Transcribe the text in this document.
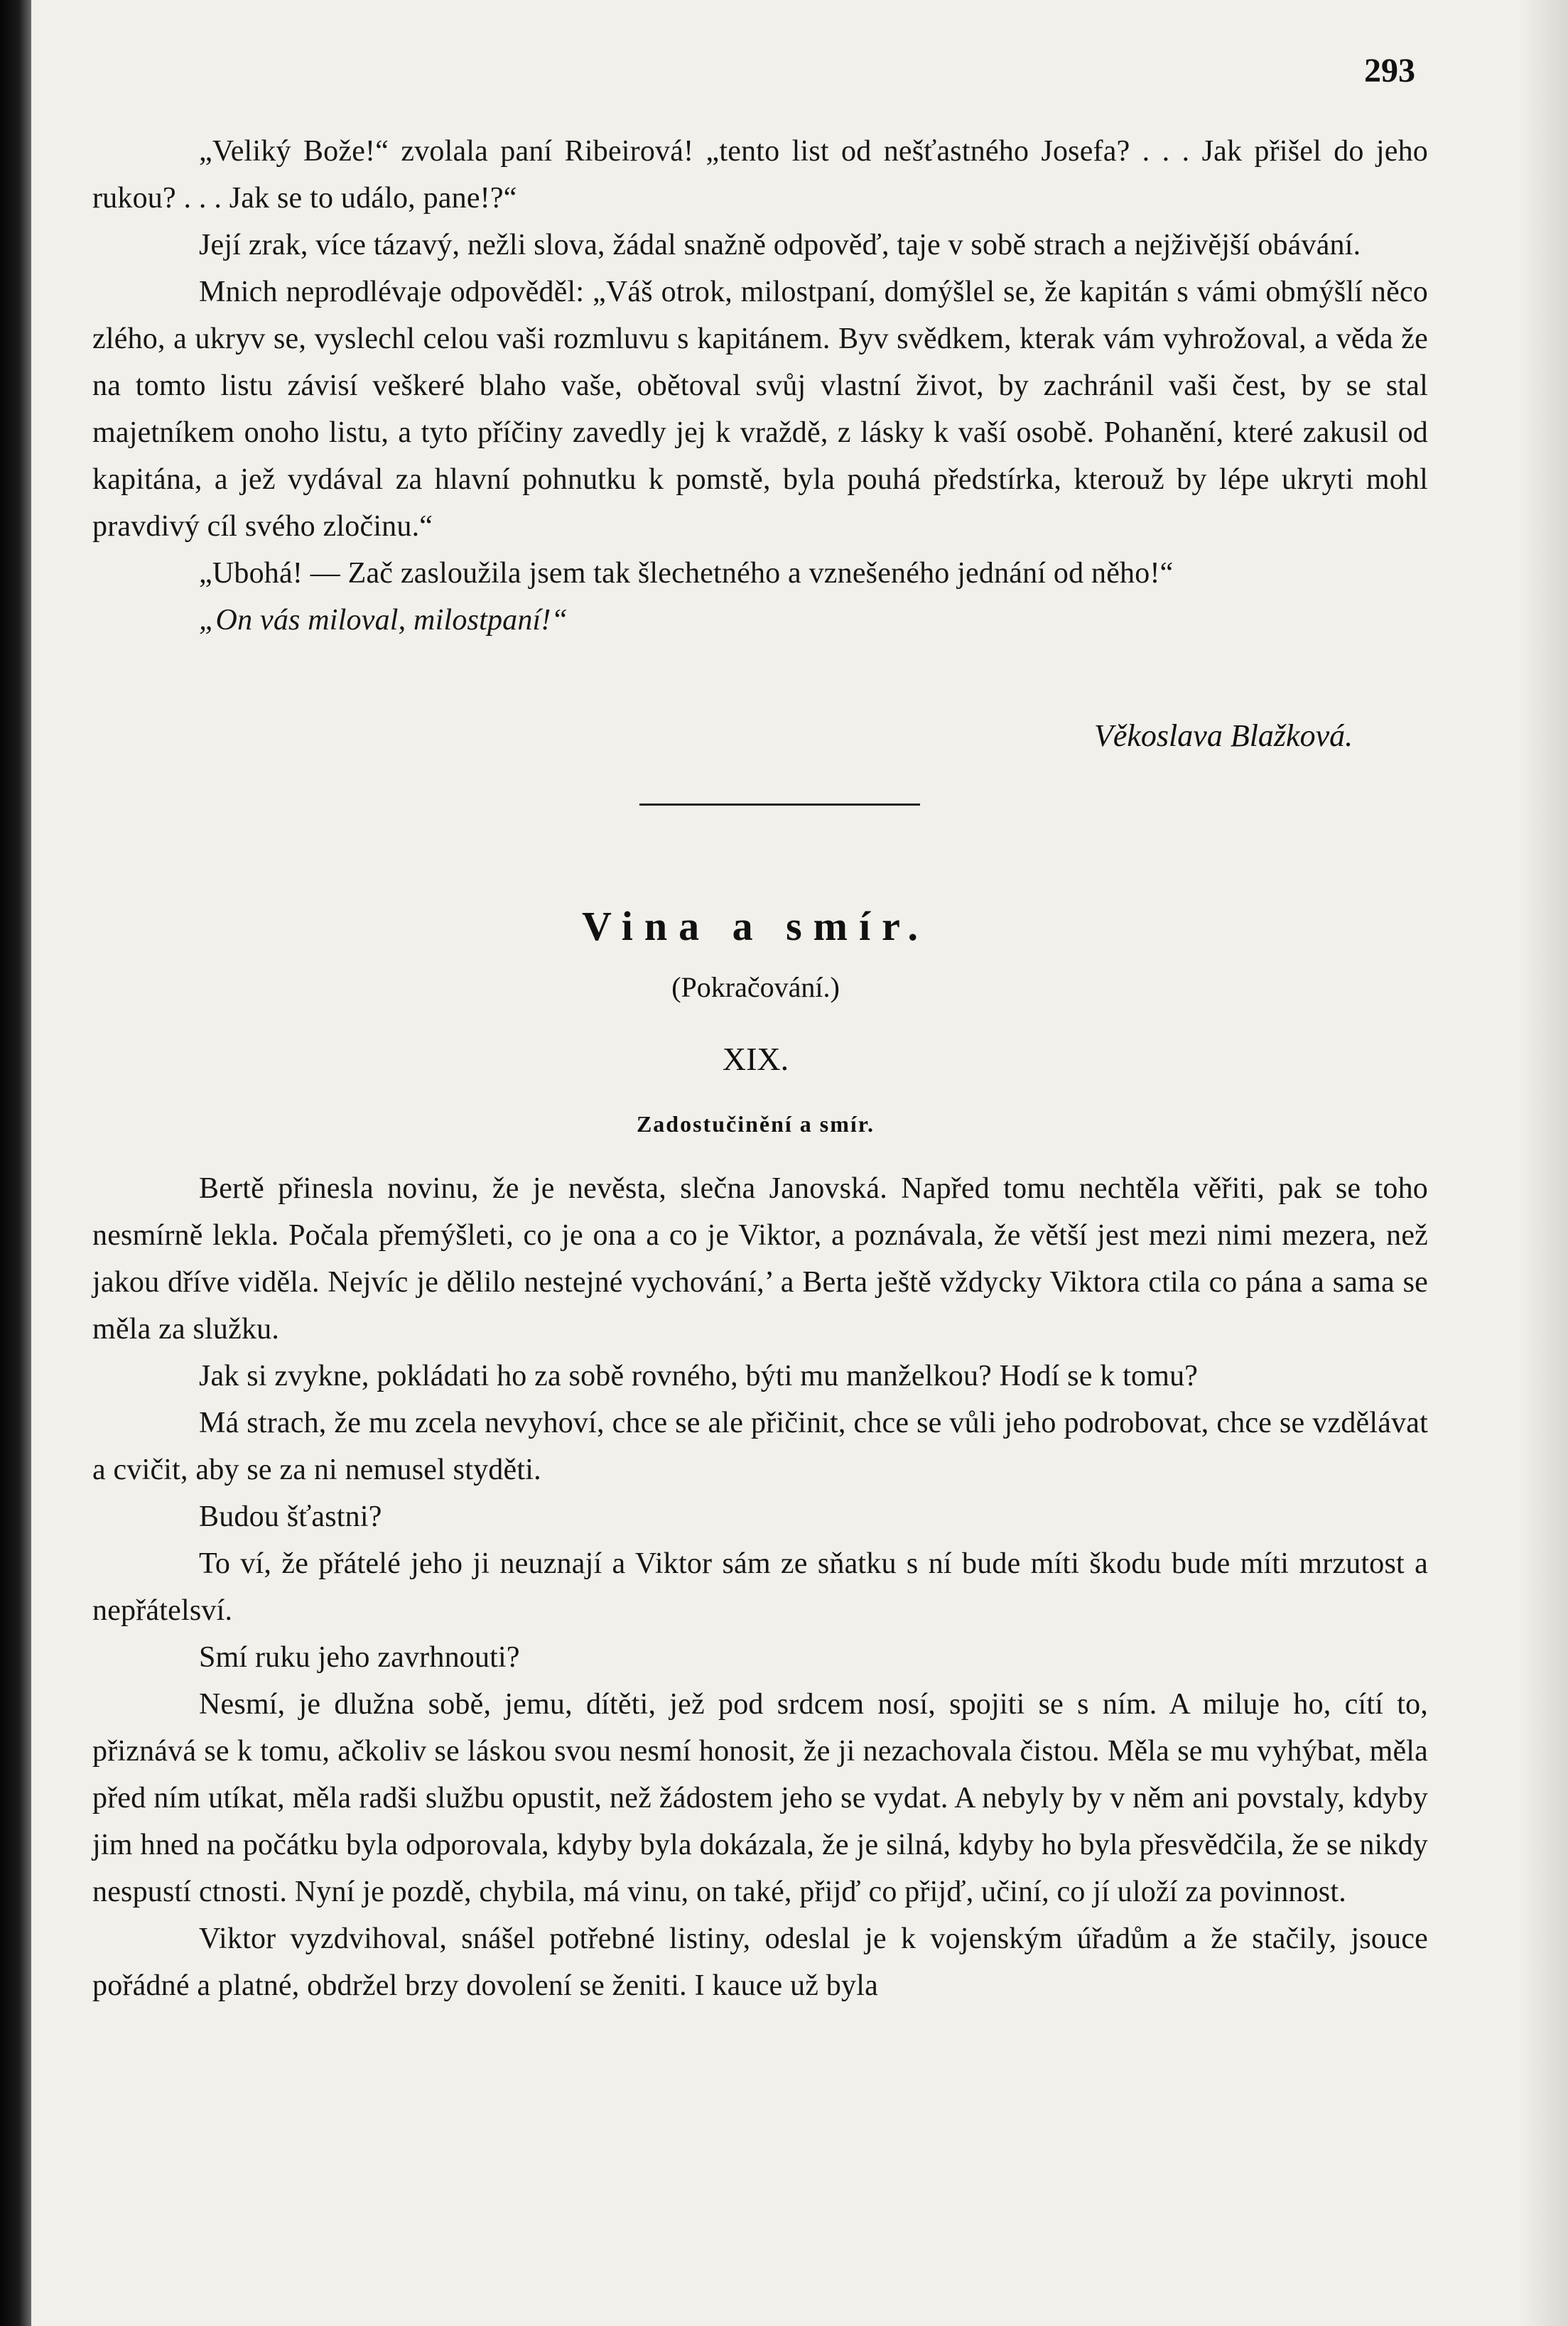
293

„Veliký Bože!“ zvolala paní Ribeirová! „tento list od nešťastného Josefa? . . . Jak přišel do jeho rukou? . . . Jak se to událo, pane!?“

Její zrak, více tázavý, nežli slova, žádal snažně odpověď, taje v sobě strach a nejživější obávání.

Mnich neprodlévaje odpověděl: „Váš otrok, milostpaní, domýšlel se, že kapitán s vámi obmýšlí něco zlého, a ukryv se, vyslechl celou vaši rozmluvu s kapitánem. Byv svědkem, kterak vám vyhrožoval, a věda že na tomto listu závisí veškeré blaho vaše, obětoval svůj vlastní život, by zachránil vaši čest, by se stal majetníkem onoho listu, a tyto příčiny zavedly jej k vraždě, z lásky k vaší osobě. Pohanění, které zakusil od kapitána, a jež vydával za hlavní pohnutku k pomstě, byla pouhá předstírka, kterouž by lépe ukryti mohl pravdivý cíl svého zločinu.“

„Ubohá! — Zač zasloužila jsem tak šlechetného a vznešeného jednání od něho!“

„On vás miloval, milostpaní!“

Věkoslava Blažková.
Vina a smír.
(Pokračování.)
XIX.
Zadostučinění a smír.

Bertě přinesla novinu, že je nevěsta, slečna Janovská. Napřed tomu nechtěla věřiti, pak se toho nesmírně lekla. Počala přemýšleti, co je ona a co je Viktor, a poznávala, že větší jest mezi nimi mezera, než jakou dříve viděla. Nejvíc je dělilo nestejné vychování,’ a Berta ještě vždycky Viktora ctila co pána a sama se měla za služku.

Jak si zvykne, pokládati ho za sobě rovného, býti mu manželkou? Hodí se k tomu?

Má strach, že mu zcela nevyhoví, chce se ale přičinit, chce se vůli jeho podrobovat, chce se vzdělávat a cvičit, aby se za ni nemusel styděti.

Budou šťastni?

To ví, že přátelé jeho ji neuznají a Viktor sám ze sňatku s ní bude míti škodu bude míti mrzutost a nepřátelsví.

Smí ruku jeho zavrhnouti?

Nesmí, je dlužna sobě, jemu, dítěti, jež pod srdcem nosí, spojiti se s ním. A miluje ho, cítí to, přiznává se k tomu, ačkoliv se láskou svou nesmí honosit, že ji nezachovala čistou. Měla se mu vyhýbat, měla před ním utíkat, měla radši službu opustit, než žádostem jeho se vydat. A nebyly by v něm ani povstaly, kdyby jim hned na počátku byla odporovala, kdyby byla dokázala, že je silná, kdyby ho byla přesvědčila, že se nikdy nespustí ctnosti. Nyní je pozdě, chybila, má vinu, on také, přijď co přijď, učiní, co jí uloží za povinnost.

Viktor vyzdvihoval, snášel potřebné listiny, odeslal je k vojenským úřadům a že stačily, jsouce pořádné a platné, obdržel brzy dovolení se ženiti. I kauce už byla
